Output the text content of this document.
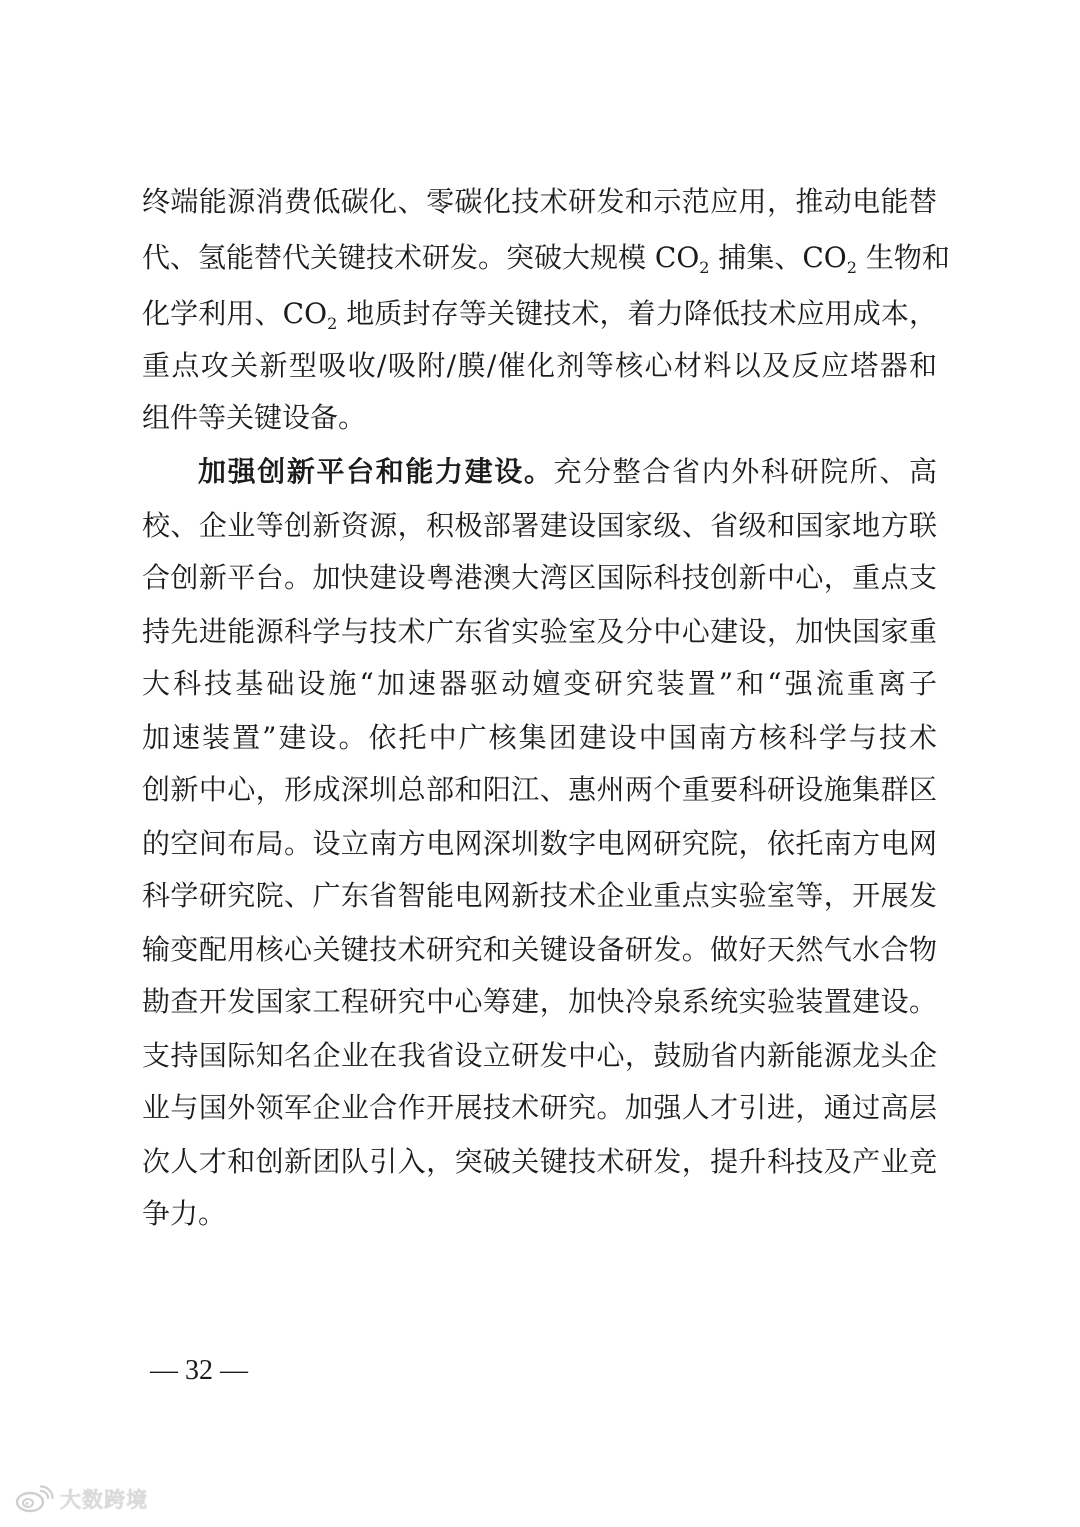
终端能源消费低碳化、零碳化技术研发和示范应用，推动电能替
代、氢能替代关键技术研发。突破大规模 $CO_2$ 捕集、$CO_2$ 生物和
化学利用、$CO_2$ 地质封存等关键技术，着力降低技术应用成本，
重点攻关新型吸收/吸附/膜/催化剂等核心材料以及反应塔器和
组件等关键设备。
加强创新平台和能力建设。充分整合省内外科研院所、高
校、企业等创新资源，积极部署建设国家级、省级和国家地方联
合创新平台。加快建设粤港澳大湾区国际科技创新中心，重点支
持先进能源科学与技术广东省实验室及分中心建设，加快国家重
大科技基础设施“加速器驱动嬗变研究装置”和“强流重离子
加速装置”建设。依托中广核集团建设中国南方核科学与技术
创新中心，形成深圳总部和阳江、惠州两个重要科研设施集群区
的空间布局。设立南方电网深圳数字电网研究院，依托南方电网
科学研究院、广东省智能电网新技术企业重点实验室等，开展发
输变配用核心关键技术研究和关键设备研发。做好天然气水合物
勘查开发国家工程研究中心筹建，加快冷泉系统实验装置建设。
支持国际知名企业在我省设立研发中心，鼓励省内新能源龙头企
业与国外领军企业合作开展技术研究。加强人才引进，通过高层
次人才和创新团队引入，突破关键技术研发，提升科技及产业竞
争力。
— 32 —
大数跨境
